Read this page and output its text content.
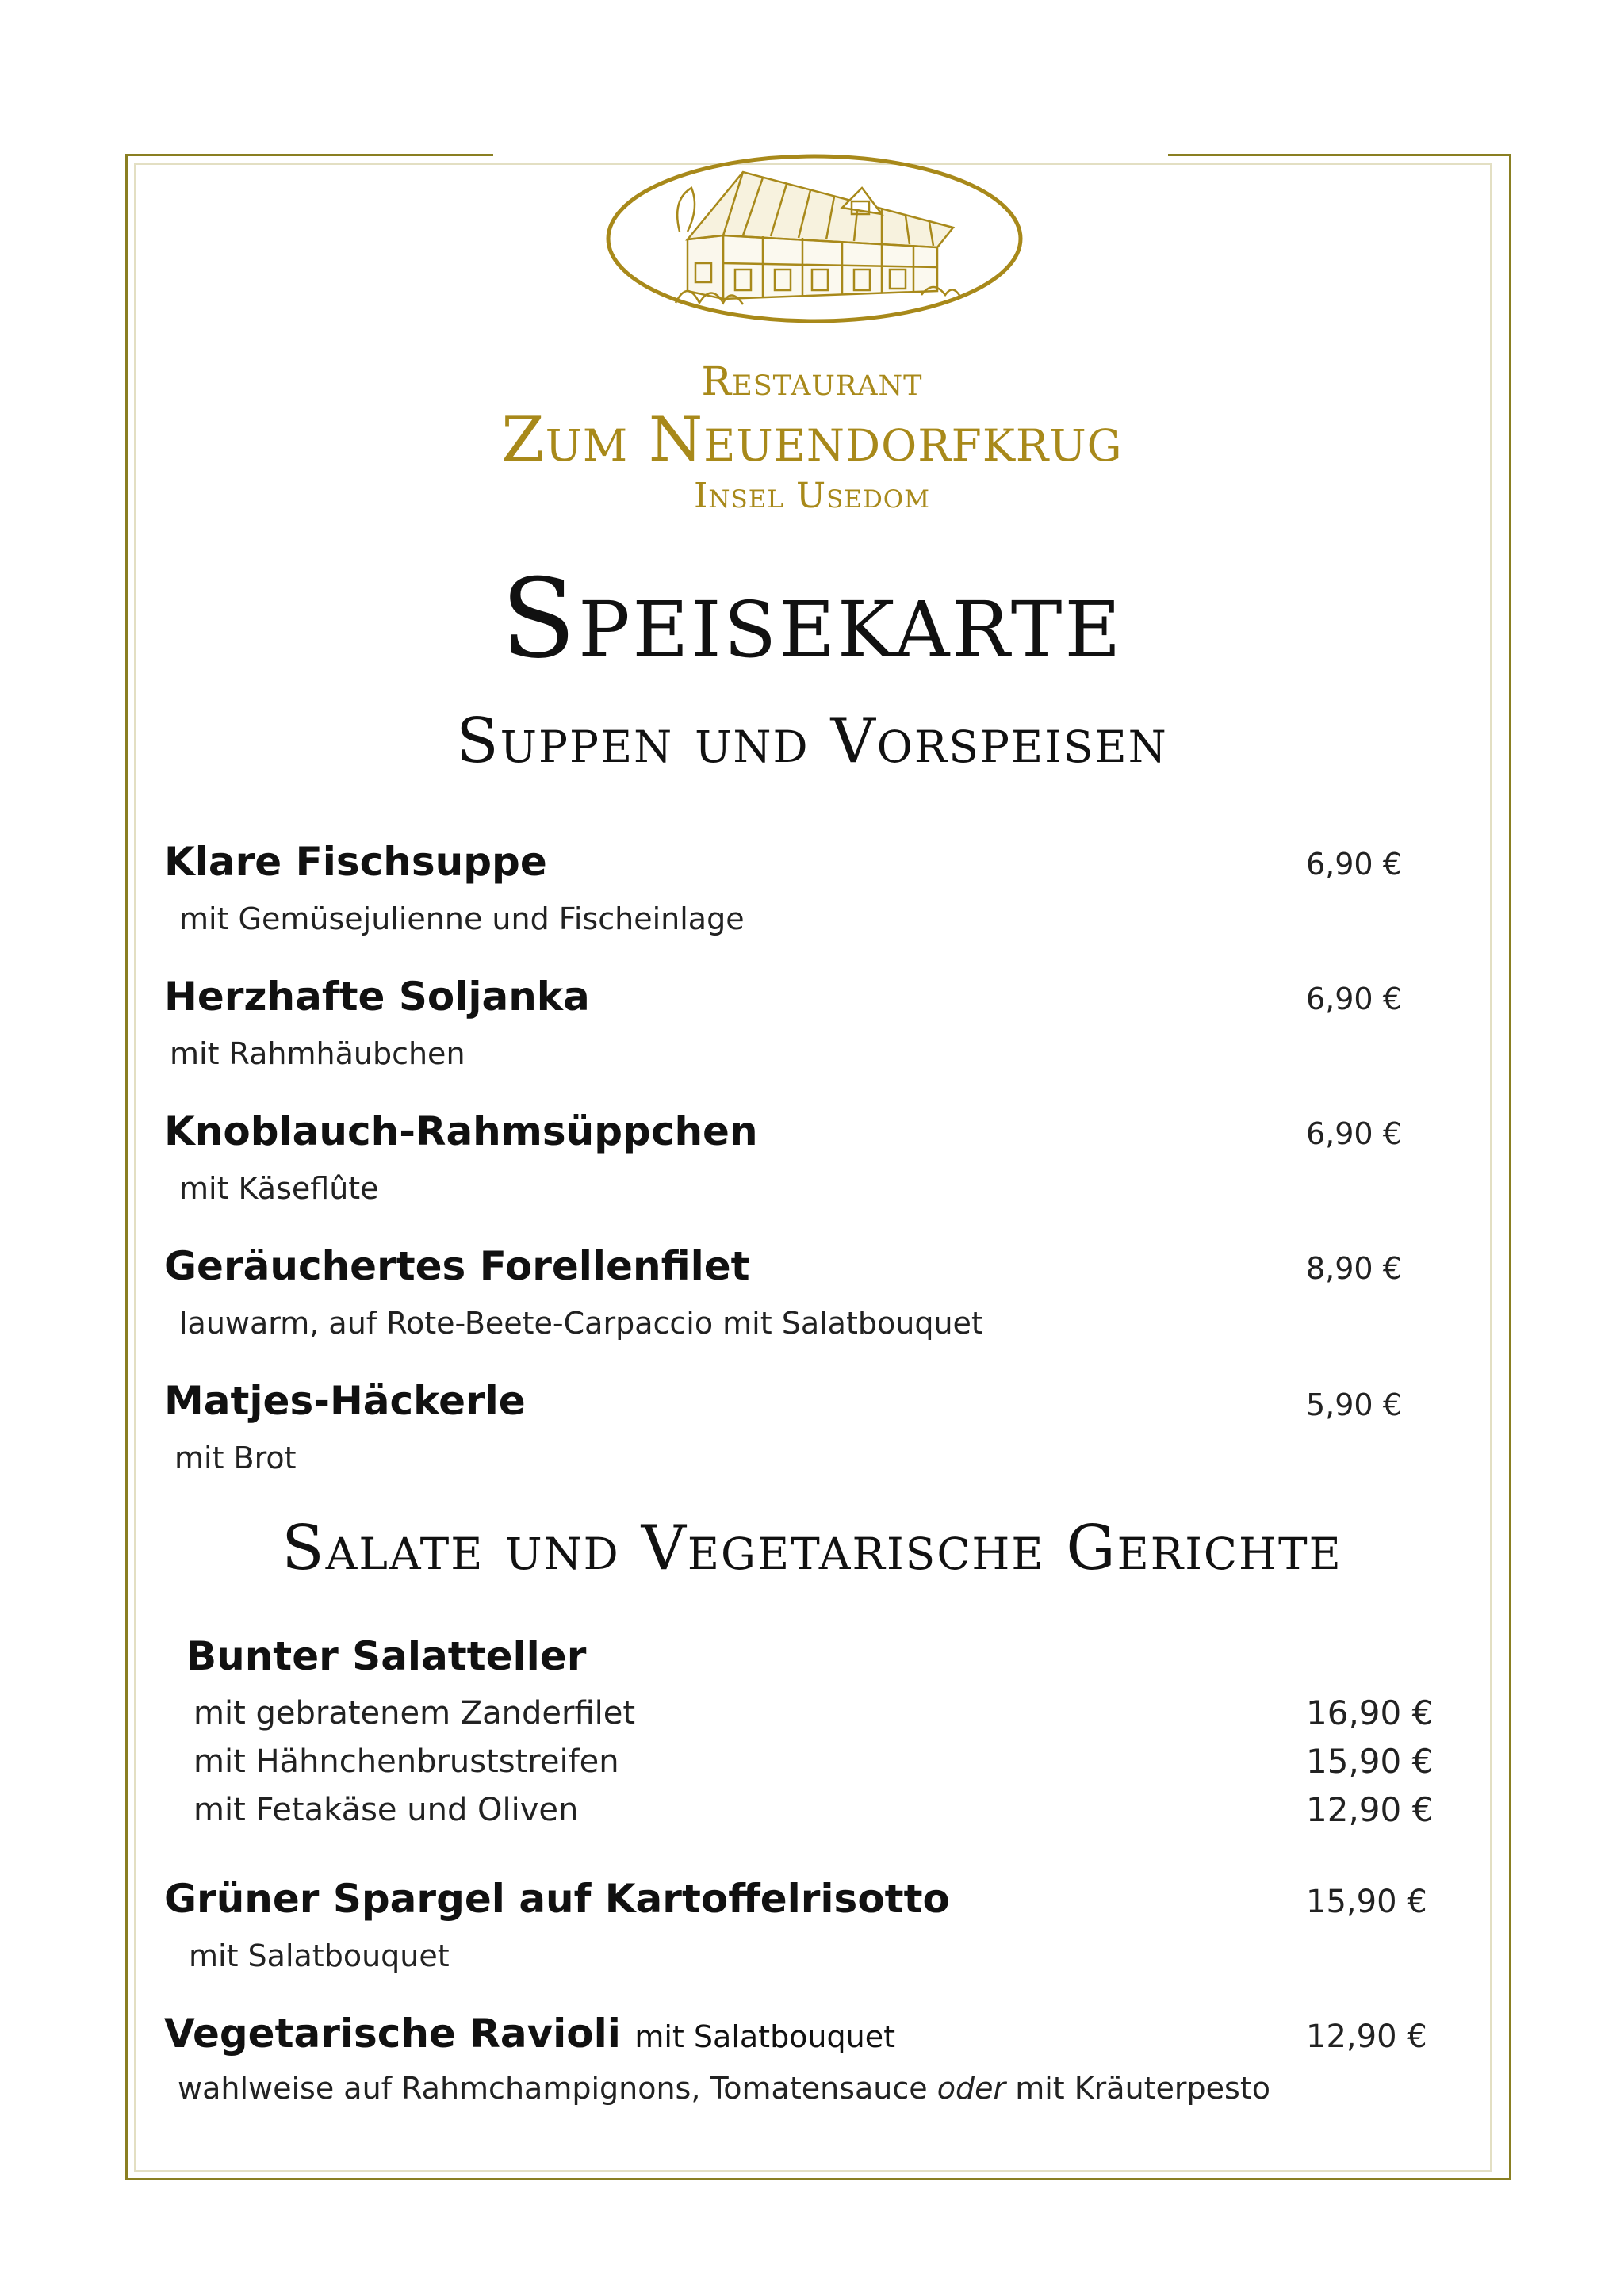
Restaurant
Zum Neuendorfkrug
Insel Usedom
Speisekarte
Suppen und Vorspeisen
Klare Fischsuppe	6,90 €
mit Gemüsejulienne und Fischeinlage
Herzhafte Soljanka	6,90 €
mit Rahmhäubchen
Knoblauch-Rahmsüppchen	6,90 €
mit Käseflûte
Geräuchertes Forellenfilet	8,90 €
lauwarm, auf Rote-Beete-Carpaccio mit Salatbouquet
Matjes-Häckerle	5,90 €
mit Brot
Salate und Vegetarische Gerichte
Bunter Salatteller
mit gebratenem Zanderfilet	16,90 €
mit Hähnchenbruststreifen	15,90 €
mit Fetakäse und Oliven	12,90 €
Grüner Spargel auf Kartoffelrisotto	15,90 €
mit Salatbouquet
Vegetarische Ravioli mit Salatbouquet	12,90 €
wahlweise auf Rahmchampignons, Tomatensauce oder mit Kräuterpesto
